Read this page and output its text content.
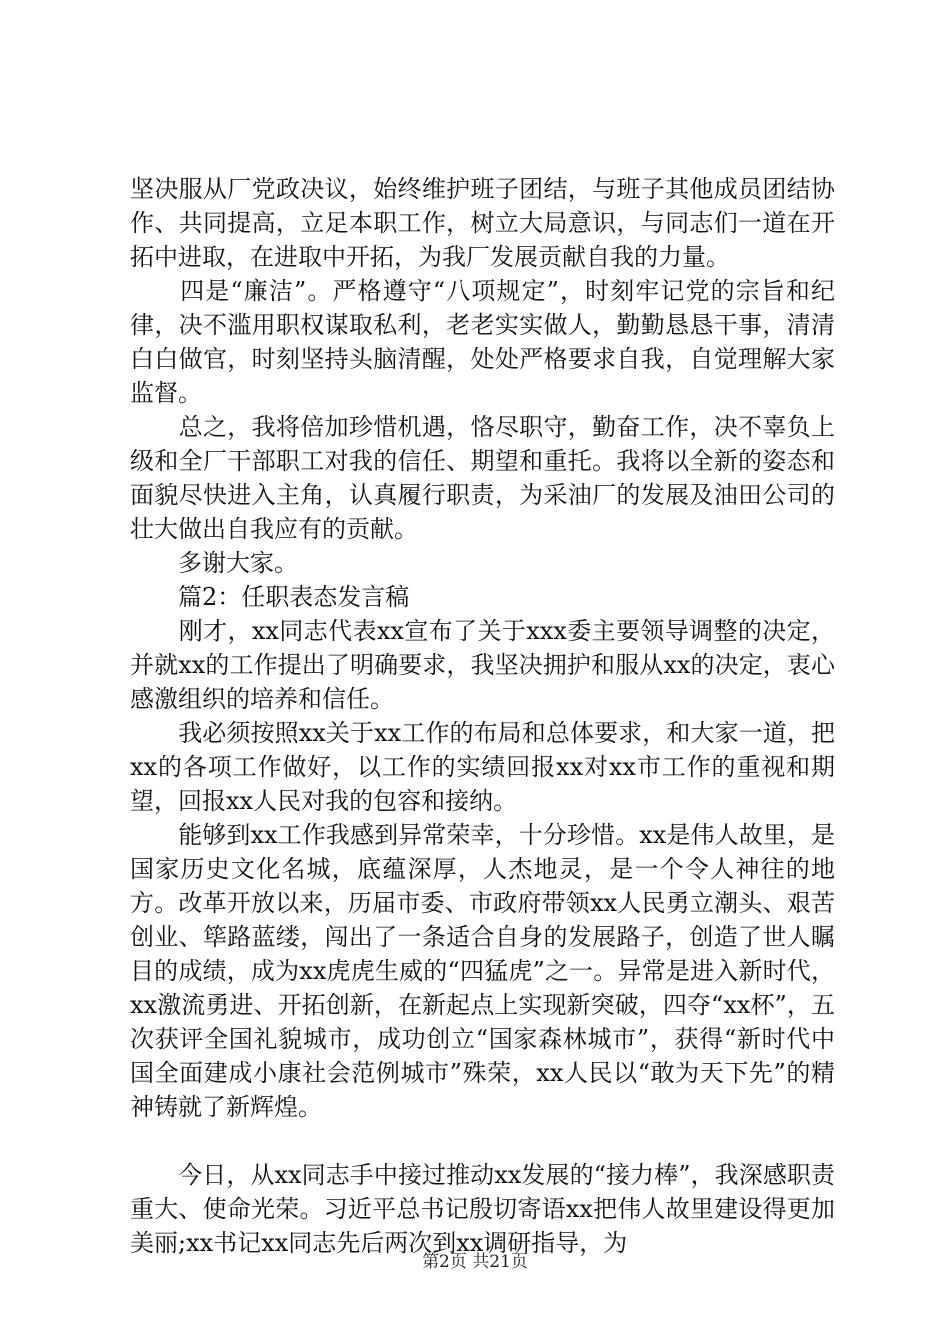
坚决服从厂党政决议，始终维护班子团结，与班子其他成员团结协作、共同提高，立足本职工作，树立大局意识，与同志们一道在开拓中进取，在进取中开拓，为我厂发展贡献自我的力量。

　　四是“廉洁”。严格遵守“八项规定”，时刻牢记党的宗旨和纪律，决不滥用职权谋取私利，老老实实做人，勤勤恳恳干事，清清白白做官，时刻坚持头脑清醒，处处严格要求自我，自觉理解大家监督。

　　总之，我将倍加珍惜机遇，恪尽职守，勤奋工作，决不辜负上级和全厂干部职工对我的信任、期望和重托。我将以全新的姿态和面貌尽快进入主角，认真履行职责，为采油厂的发展及油田公司的壮大做出自我应有的贡献。

　　多谢大家。

　　篇2：任职表态发言稿

　　刚才，xx同志代表xx宣布了关于xxx委主要领导调整的决定，并就xx的工作提出了明确要求，我坚决拥护和服从xx的决定，衷心感激组织的培养和信任。

　　我必须按照xx关于xx工作的布局和总体要求，和大家一道，把xx的各项工作做好，以工作的实绩回报xx对xx市工作的重视和期望，回报xx人民对我的包容和接纳。

　　能够到xx工作我感到异常荣幸，十分珍惜。xx是伟人故里，是国家历史文化名城，底蕴深厚，人杰地灵，是一个令人神往的地方。改革开放以来，历届市委、市政府带领xx人民勇立潮头、艰苦创业、筚路蓝缕，闯出了一条适合自身的发展路子，创造了世人瞩目的成绩，成为xx虎虎生威的“四猛虎”之一。异常是进入新时代，xx激流勇进、开拓创新，在新起点上实现新突破，四夺“xx杯”，五次获评全国礼貌城市，成功创立“国家森林城市”，获得“新时代中国全面建成小康社会范例城市”殊荣，xx人民以“敢为天下先”的精神铸就了新辉煌。

　　今日，从xx同志手中接过推动xx发展的“接力棒”，我深感职责重大、使命光荣。习近平总书记殷切寄语xx把伟人故里建设得更加美丽;xx书记xx同志先后两次到xx调研指导，为

第2页 共21页
